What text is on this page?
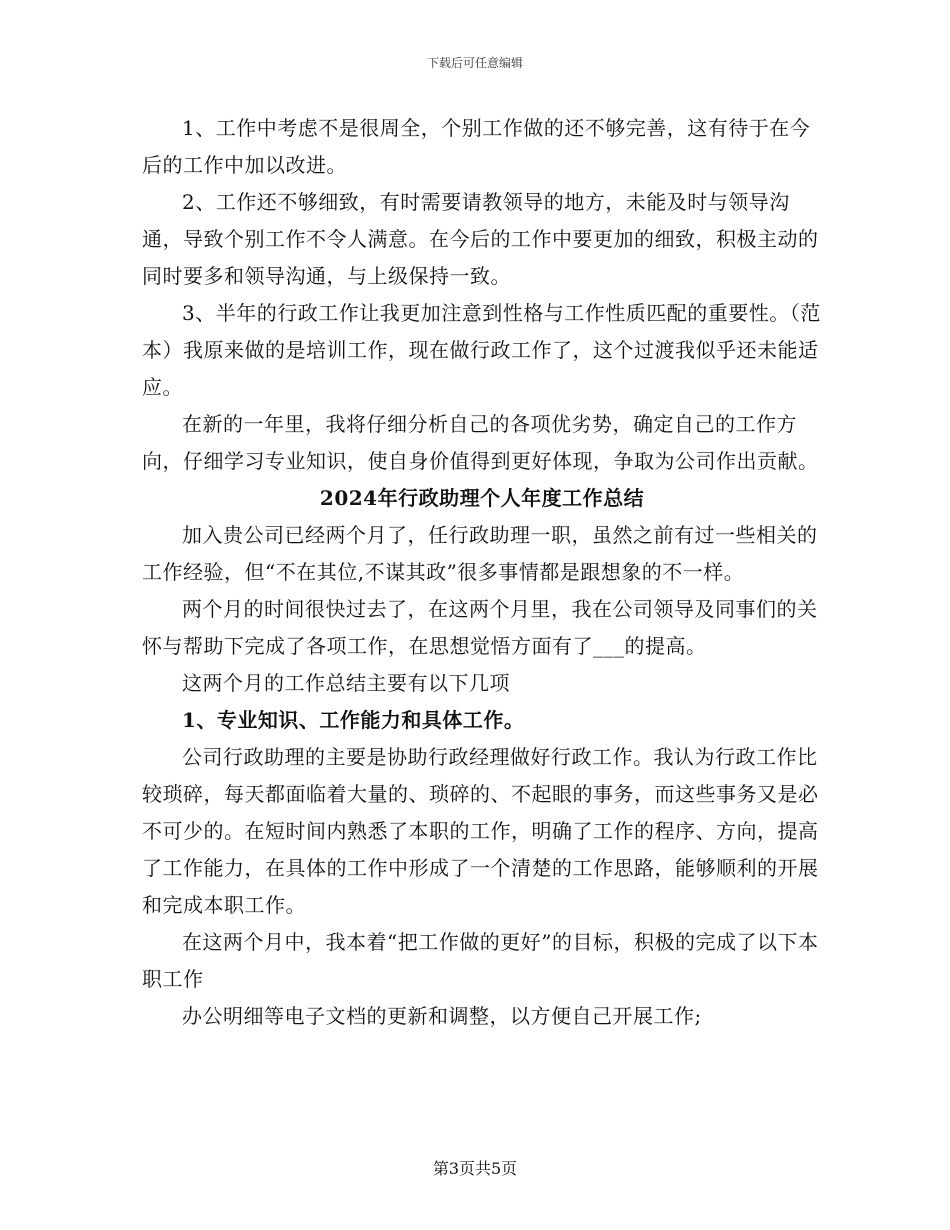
下载后可任意编辑

1、工作中考虑不是很周全，个别工作做的还不够完善，这有待于在今后的工作中加以改进。

2、工作还不够细致，有时需要请教领导的地方，未能及时与领导沟通，导致个别工作不令人满意。在今后的工作中要更加的细致，积极主动的同时要多和领导沟通，与上级保持一致。

3、半年的行政工作让我更加注意到性格与工作性质匹配的重要性。（范本）我原来做的是培训工作，现在做行政工作了，这个过渡我似乎还未能适应。

在新的一年里，我将仔细分析自己的各项优劣势，确定自己的工作方向，仔细学习专业知识，使自身价值得到更好体现，争取为公司作出贡献。

2024年行政助理个人年度工作总结

加入贵公司已经两个月了，任行政助理一职，虽然之前有过一些相关的工作经验，但“不在其位,不谋其政”很多事情都是跟想象的不一样。

两个月的时间很快过去了，在这两个月里，我在公司领导及同事们的关怀与帮助下完成了各项工作，在思想觉悟方面有了___的提高。

这两个月的工作总结主要有以下几项

1、专业知识、工作能力和具体工作。

公司行政助理的主要是协助行政经理做好行政工作。我认为行政工作比较琐碎，每天都面临着大量的、琐碎的、不起眼的事务，而这些事务又是必不可少的。在短时间内熟悉了本职的工作，明确了工作的程序、方向，提高了工作能力，在具体的工作中形成了一个清楚的工作思路，能够顺利的开展和完成本职工作。

在这两个月中，我本着“把工作做的更好”的目标，积极的完成了以下本职工作

办公明细等电子文档的更新和调整，以方便自己开展工作;

第3页共5页
